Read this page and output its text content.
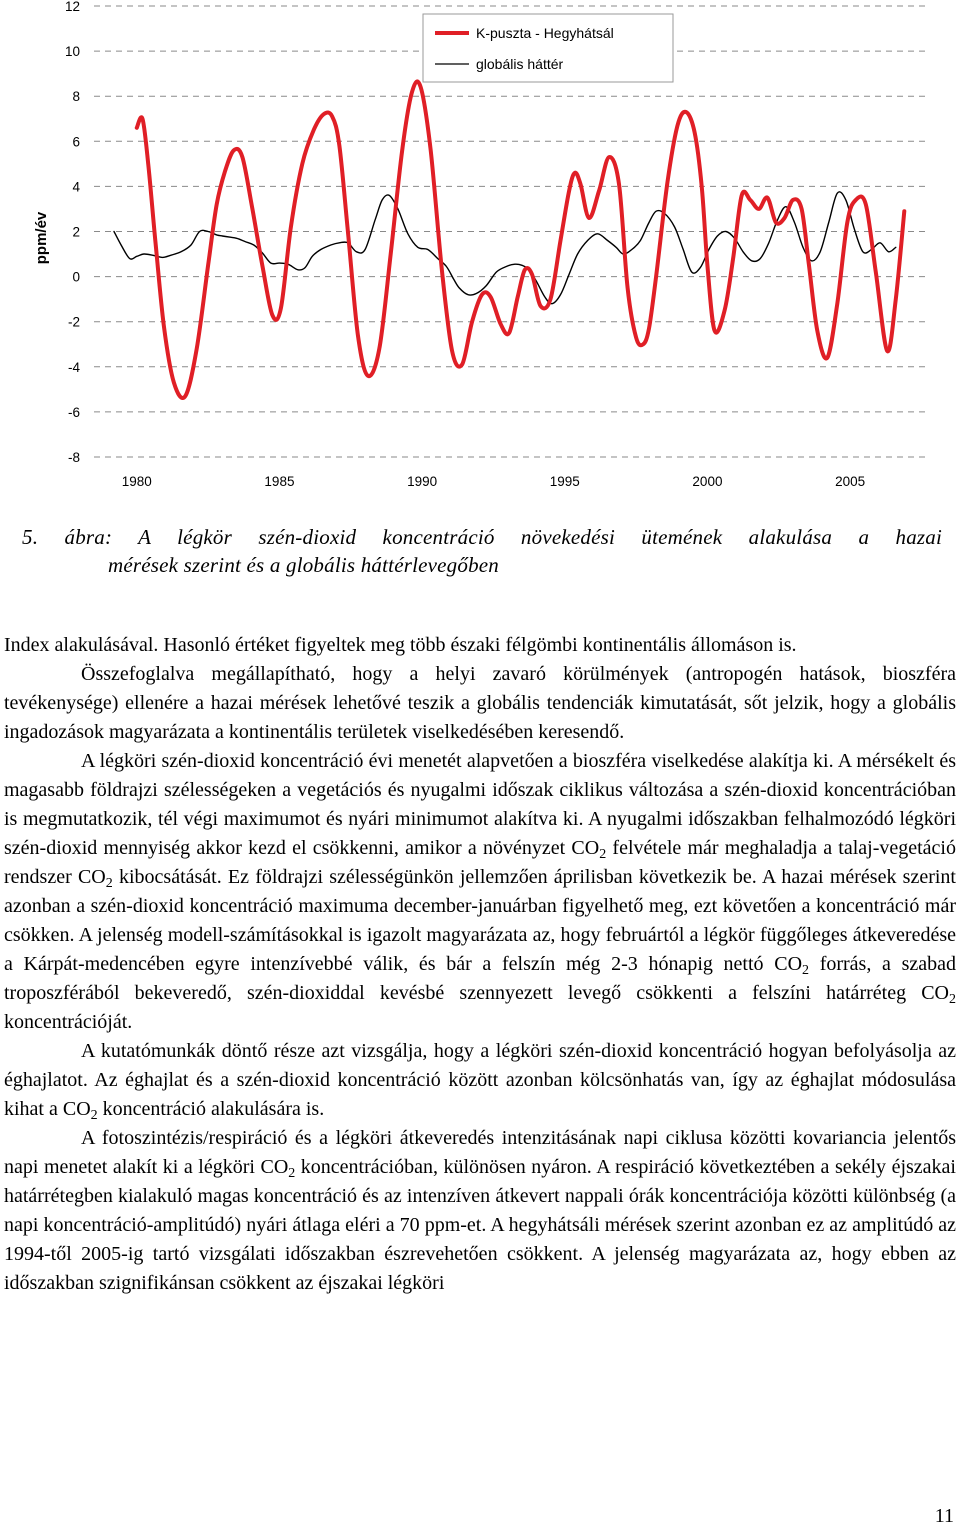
12
10
8
6
4
2
0
-2
-4
-6
-8
1980	1985	1990	1995	2000	2005
ppm/év
K-puszta - Hegyhátsál
globális háttér
5. ábra: A légkör szén-dioxid koncentráció növekedési ütemének alakulása a hazai
mérések szerint és a globális háttérlevegőben

Index alakulásával. Hasonló értéket figyeltek meg több északi félgömbi kontinentális állomáson is.

Összefoglalva megállapítható, hogy a helyi zavaró körülmények (antropogén hatások, bioszféra tevékenysége) ellenére a hazai mérések lehetővé teszik a globális tendenciák kimutatását, sőt jelzik, hogy a globális ingadozások magyarázata a kontinentális területek viselkedésében keresendő.

A légköri szén-dioxid koncentráció évi menetét alapvetően a bioszféra viselkedése alakítja ki. A mérsékelt és magasabb földrajzi szélességeken a vegetációs és nyugalmi időszak ciklikus változása a szén-dioxid koncentrációban is megmutatkozik, tél végi maximumot és nyári minimumot alakítva ki. A nyugalmi időszakban felhalmozódó légköri szén-dioxid mennyiség akkor kezd el csökkenni, amikor a növényzet $CO_2$ felvétele már meghaladja a talaj-vegetáció rendszer $CO_2$ kibocsátását. Ez földrajzi szélességünkön jellemzően áprilisban következik be. A hazai mérések szerint azonban a szén-dioxid koncentráció maximuma december-januárban figyelhető meg, ezt követően a koncentráció már csökken. A jelenség modell-számításokkal is igazolt magyarázata az, hogy februártól a légkör függőleges átkeveredése a Kárpát-medencében egyre intenzívebbé válik, és bár a felszín még 2-3 hónapig nettó $CO_2$ forrás, a szabad troposzférából bekeveredő, szén-dioxiddal kevésbé szennyezett levegő csökkenti a felszíni határréteg $CO_2$ koncentrációját.

A kutatómunkák döntő része azt vizsgálja, hogy a légköri szén-dioxid koncentráció hogyan befolyásolja az éghajlatot. Az éghajlat és a szén-dioxid koncentráció között azonban kölcsönhatás van, így az éghajlat módosulása kihat a $CO_2$ koncentráció alakulására is.

A fotoszintézis/respiráció és a légköri átkeveredés intenzitásának napi ciklusa közötti kovariancia jelentős napi menetet alakít ki a légköri $CO_2$ koncentrációban, különösen nyáron. A respiráció következtében a sekély éjszakai határrétegben kialakuló magas koncentráció és az intenzíven átkevert nappali órák koncentrációja közötti különbség (a napi koncentráció-amplitúdó) nyári átlaga eléri a 70 ppm-et. A hegyhátsáli mérések szerint azonban ez az amplitúdó az 1994-től 2005-ig tartó vizsgálati időszakban észrevehetően csökkent. A jelenség magyarázata az, hogy ebben az időszakban szignifikánsan csökkent az éjszakai légköri

11
